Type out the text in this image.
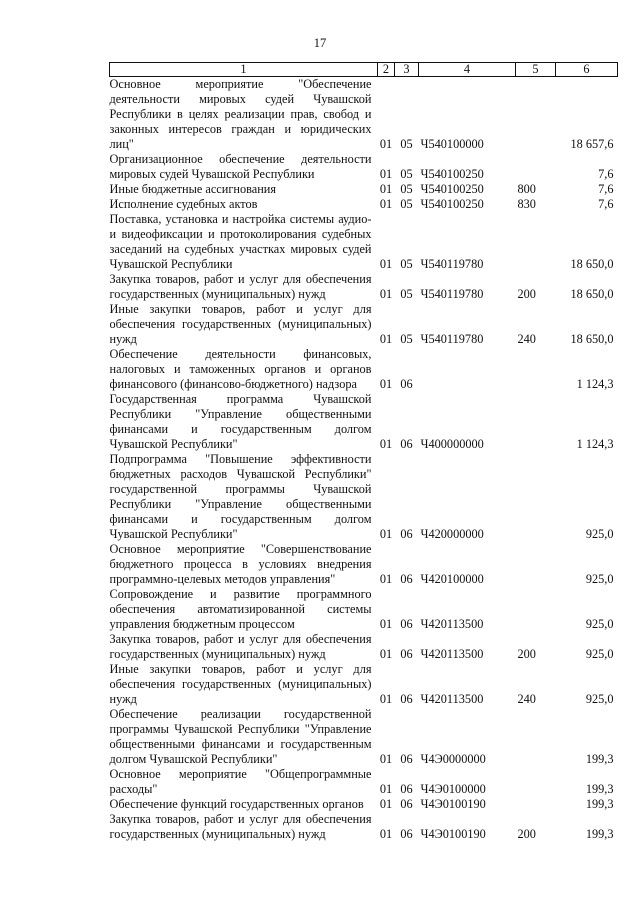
17
1	2	3	4	5	6
Основное мероприятие "Обеспечение деятельности мировых судей Чувашской Республики в целях реализации прав, свобод и законных интересов граждан и юридических лиц"	01	05	Ч540100000		18 657,6
Организационное обеспечение деятельности мировых судей Чувашской Республики	01	05	Ч540100250		7,6
Иные бюджетные ассигнования	01	05	Ч540100250	800	7,6
Исполнение судебных актов	01	05	Ч540100250	830	7,6
Поставка, установка и настройка системы аудио- и видеофиксации и протоколирования судебных заседаний на судебных участках мировых судей Чувашской Республики	01	05	Ч540119780		18 650,0
Закупка товаров, работ и услуг для обеспечения государственных (муниципальных) нужд	01	05	Ч540119780	200	18 650,0
Иные закупки товаров, работ и услуг для обеспечения государственных (муниципальных) нужд	01	05	Ч540119780	240	18 650,0
Обеспечение деятельности финансовых, налоговых и таможенных органов и органов финансового (финансово-бюджетного) надзора	01	06			1 124,3
Государственная программа Чувашской Республики "Управление общественными финансами и государственным долгом Чувашской Республики"	01	06	Ч400000000		1 124,3
Подпрограмма "Повышение эффективности бюджетных расходов Чувашской Республики" государственной программы Чувашской Республики "Управление общественными финансами и государственным долгом Чувашской Республики"	01	06	Ч420000000		925,0
Основное мероприятие "Совершенствование бюджетного процесса в условиях внедрения программно-целевых методов управления"	01	06	Ч420100000		925,0
Сопровождение и развитие программного обеспечения автоматизированной системы управления бюджетным процессом	01	06	Ч420113500		925,0
Закупка товаров, работ и услуг для обеспечения государственных (муниципальных) нужд	01	06	Ч420113500	200	925,0
Иные закупки товаров, работ и услуг для обеспечения государственных (муниципальных) нужд	01	06	Ч420113500	240	925,0
Обеспечение реализации государственной программы Чувашской Республики "Управление общественными финансами и государственным долгом Чувашской Республики"	01	06	Ч4Э0000000		199,3
Основное мероприятие "Общепрограммные расходы"	01	06	Ч4Э0100000		199,3
Обеспечение функций государственных органов	01	06	Ч4Э0100190		199,3
Закупка товаров, работ и услуг для обеспечения государственных (муниципальных) нужд	01	06	Ч4Э0100190	200	199,3
